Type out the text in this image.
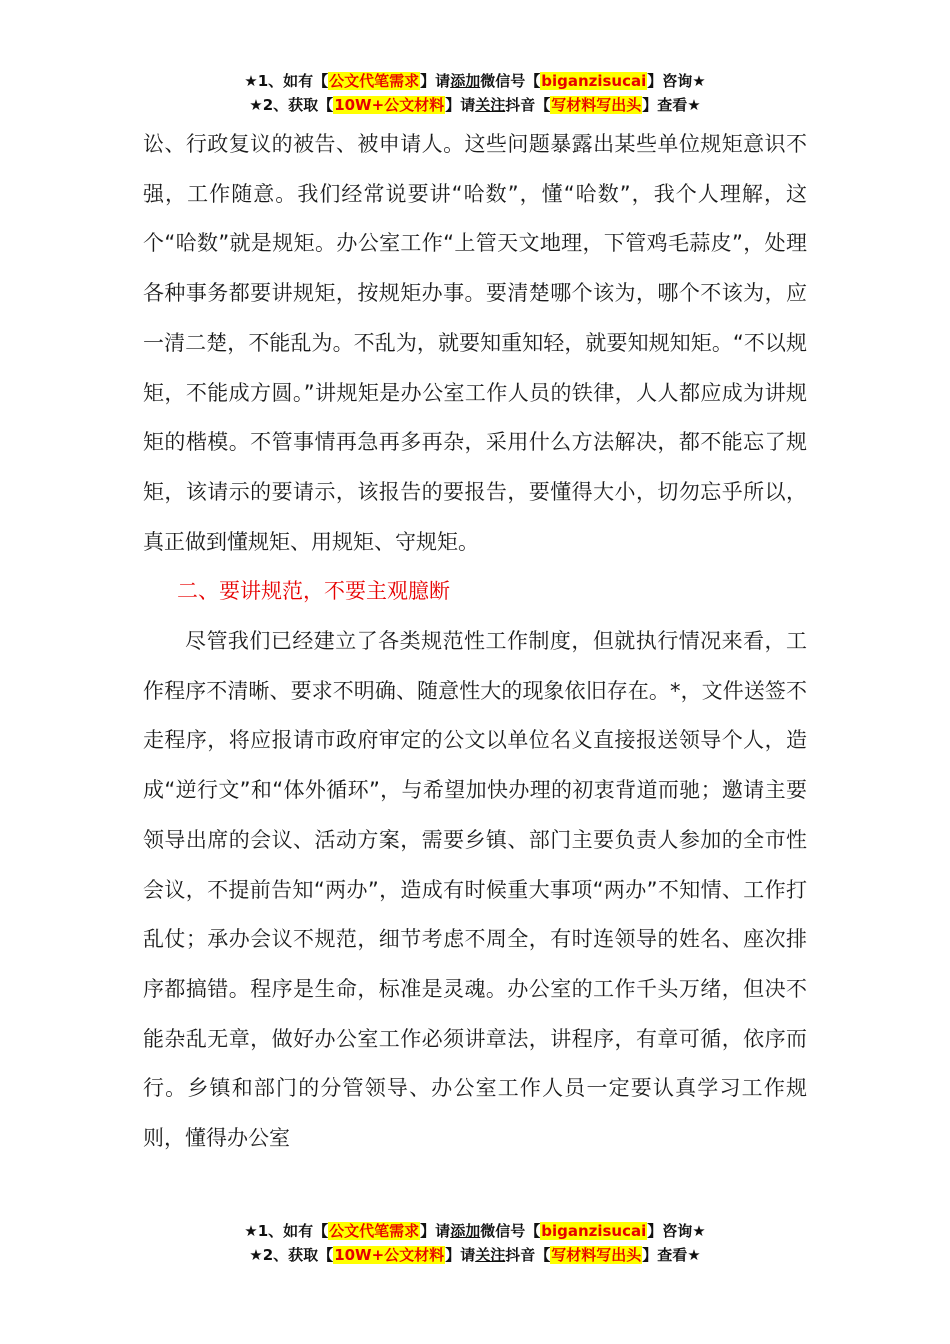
★1、如有【公文代笔需求】请添加微信号【biganzisucai】咨询★
★2、获取【10W+公文材料】请关注抖音【写材料写出头】查看★

讼、行政复议的被告、被申请人。这些问题暴露出某些单位规矩意识不强，工作随意。我们经常说要讲“哈数”，懂“哈数”，我个人理解，这个“哈数”就是规矩。办公室工作“上管天文地理，下管鸡毛蒜皮”，处理各种事务都要讲规矩，按规矩办事。要清楚哪个该为，哪个不该为，应一清二楚，不能乱为。不乱为，就要知重知轻，就要知规知矩。“不以规矩，不能成方圆。”讲规矩是办公室工作人员的铁律，人人都应成为讲规矩的楷模。不管事情再急再多再杂，采用什么方法解决，都不能忘了规矩，该请示的要请示，该报告的要报告，要懂得大小，切勿忘乎所以，真正做到懂规矩、用规矩、守规矩。

二、要讲规范，不要主观臆断

尽管我们已经建立了各类规范性工作制度，但就执行情况来看，工作程序不清晰、要求不明确、随意性大的现象依旧存在。*，文件送签不走程序，将应报请市政府审定的公文以单位名义直接报送领导个人，造成“逆行文”和“体外循环”，与希望加快办理的初衷背道而驰；邀请主要领导出席的会议、活动方案，需要乡镇、部门主要负责人参加的全市性会议，不提前告知“两办”，造成有时候重大事项“两办”不知情、工作打乱仗；承办会议不规范，细节考虑不周全，有时连领导的姓名、座次排序都搞错。程序是生命，标准是灵魂。办公室的工作千头万绪，但决不能杂乱无章，做好办公室工作必须讲章法，讲程序，有章可循，依序而行。乡镇和部门的分管领导、办公室工作人员一定要认真学习工作规则，懂得办公室

★1、如有【公文代笔需求】请添加微信号【biganzisucai】咨询★
★2、获取【10W+公文材料】请关注抖音【写材料写出头】查看★
